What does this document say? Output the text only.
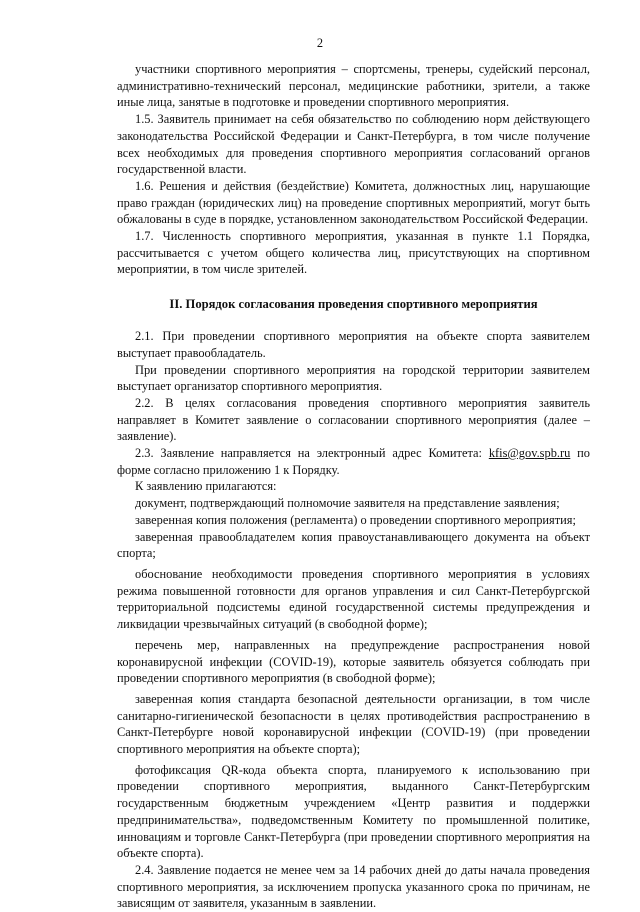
2

участники спортивного мероприятия – спортсмены, тренеры, судейский персонал, административно-технический персонал, медицинские работники, зрители, а также иные лица, занятые в подготовке и проведении спортивного мероприятия.

1.5. Заявитель принимает на себя обязательство по соблюдению норм действующего законодательства Российской Федерации и Санкт-Петербурга, в том числе получение всех необходимых для проведения спортивного мероприятия согласований органов государственной власти.

1.6. Решения и действия (бездействие) Комитета, должностных лиц, нарушающие право граждан (юридических лиц) на проведение спортивных мероприятий, могут быть обжалованы в суде в порядке, установленном законодательством Российской Федерации.

1.7. Численность спортивного мероприятия, указанная в пункте 1.1 Порядка, рассчитывается с учетом общего количества лиц, присутствующих на спортивном мероприятии, в том числе зрителей.

II. Порядок согласования проведения спортивного мероприятия

2.1. При проведении спортивного мероприятия на объекте спорта заявителем выступает правообладатель.

При проведении спортивного мероприятия на городской территории заявителем выступает организатор спортивного мероприятия.

2.2. В целях согласования проведения спортивного мероприятия заявитель направляет в Комитет заявление о согласовании спортивного мероприятия (далее – заявление).

2.3. Заявление направляется на электронный адрес Комитета: kfis@gov.spb.ru по форме согласно приложению 1 к Порядку.

К заявлению прилагаются:

документ, подтверждающий полномочие заявителя на представление заявления;

заверенная копия положения (регламента) о проведении спортивного мероприятия;

заверенная правообладателем копия правоустанавливающего документа на объект спорта;

обоснование необходимости проведения спортивного мероприятия в условиях режима повышенной готовности для органов управления и сил Санкт-Петербургской территориальной подсистемы единой государственной системы предупреждения и ликвидации чрезвычайных ситуаций (в свободной форме);

перечень мер, направленных на предупреждение распространения новой коронавирусной инфекции (COVID-19), которые заявитель обязуется соблюдать при проведении спортивного мероприятия (в свободной форме);

заверенная копия стандарта безопасной деятельности организации, в том числе санитарно-гигиенической безопасности в целях противодействия распространению в Санкт-Петербурге новой коронавирусной инфекции (COVID-19) (при проведении спортивного мероприятия на объекте спорта);

фотофиксация QR-кода объекта спорта, планируемого к использованию при проведении спортивного мероприятия, выданного Санкт-Петербургским государственным бюджетным учреждением «Центр развития и поддержки предпринимательства», подведомственным Комитету по промышленной политике, инновациям и торговле Санкт-Петербурга (при проведении спортивного мероприятия на объекте спорта).

2.4. Заявление подается не менее чем за 14 рабочих дней до даты начала проведения спортивного мероприятия, за исключением пропуска указанного срока по причинам, не зависящим от заявителя, указанным в заявлении.
